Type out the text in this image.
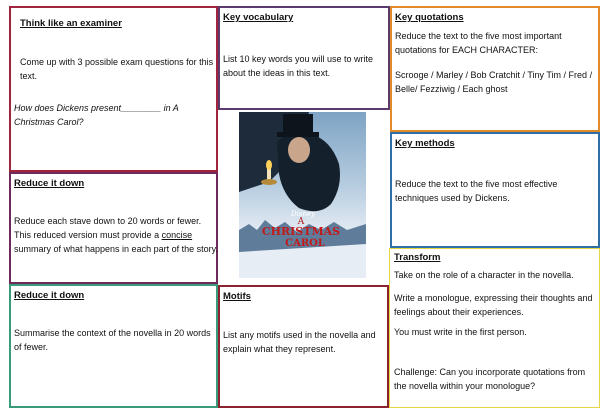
Think like an examiner
Come up with 3 possible exam questions for this text.
How does Dickens present________ in A
Christmas Carol?
Key vocabulary
List 10 key words you will use to write about the ideas in this text.
Key quotations
Reduce the text to the five most important quotations for EACH CHARACTER:
Scrooge / Marley / Bob Cratchit / Tiny Tim / Fred / Belle/ Fezziwig / Each ghost
Key methods
Reduce the text to the five most effective techniques used by Dickens.
Reduce it down
Reduce each stave down to 20 words or fewer. This reduced version must provide a concise summary of what happens in each part of the story.
Reduce it down
Summarise the context of the novella in 20 words of fewer.
Motifs
List any motifs used in the novella and explain what they represent.
Transform
Take on the role of a character in the novella.
Write a monologue, expressing their thoughts and feelings about their experiences.
You must write in the first person.
Challenge: Can you incorporate quotations from the novella within your monologue?
Disney
A
CHRISTMAS
CAROL
